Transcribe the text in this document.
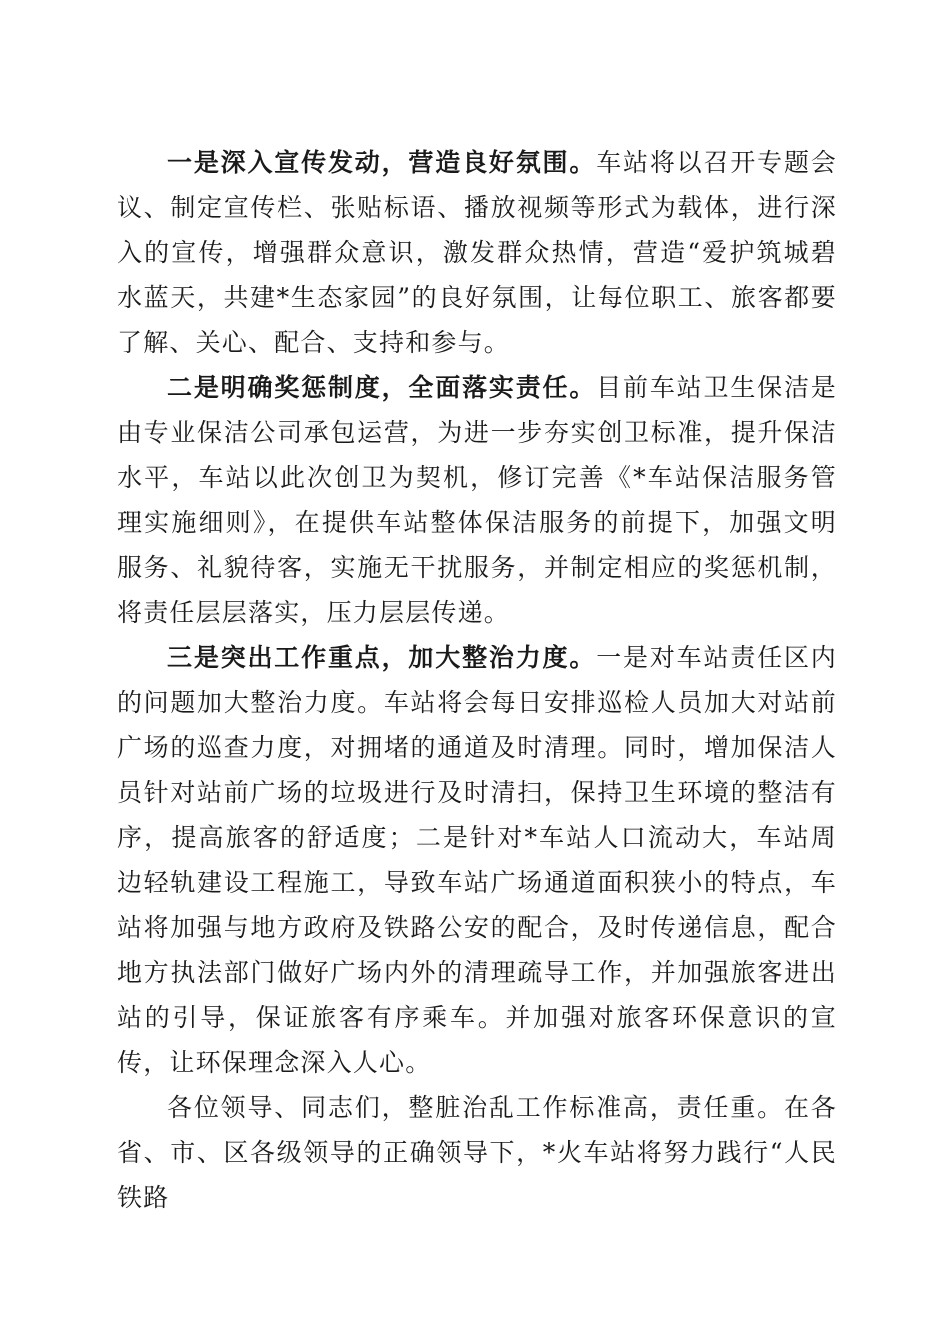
一是深入宣传发动，营造良好氛围。车站将以召开专题会议、制定宣传栏、张贴标语、播放视频等形式为载体，进行深入的宣传，增强群众意识，激发群众热情，营造“爱护筑城碧水蓝天，共建*生态家园”的良好氛围，让每位职工、旅客都要了解、关心、配合、支持和参与。

二是明确奖惩制度，全面落实责任。目前车站卫生保洁是由专业保洁公司承包运营，为进一步夯实创卫标准，提升保洁水平，车站以此次创卫为契机，修订完善《*车站保洁服务管理实施细则》，在提供车站整体保洁服务的前提下，加强文明服务、礼貌待客，实施无干扰服务，并制定相应的奖惩机制，将责任层层落实，压力层层传递。

三是突出工作重点，加大整治力度。一是对车站责任区内的问题加大整治力度。车站将会每日安排巡检人员加大对站前广场的巡查力度，对拥堵的通道及时清理。同时，增加保洁人员针对站前广场的垃圾进行及时清扫，保持卫生环境的整洁有序，提高旅客的舒适度；二是针对*车站人口流动大，车站周边轻轨建设工程施工，导致车站广场通道面积狭小的特点，车站将加强与地方政府及铁路公安的配合，及时传递信息，配合地方执法部门做好广场内外的清理疏导工作，并加强旅客进出站的引导，保证旅客有序乘车。并加强对旅客环保意识的宣传，让环保理念深入人心。

各位领导、同志们，整脏治乱工作标准高，责任重。在各省、市、区各级领导的正确领导下，*火车站将努力践行“人民铁路
